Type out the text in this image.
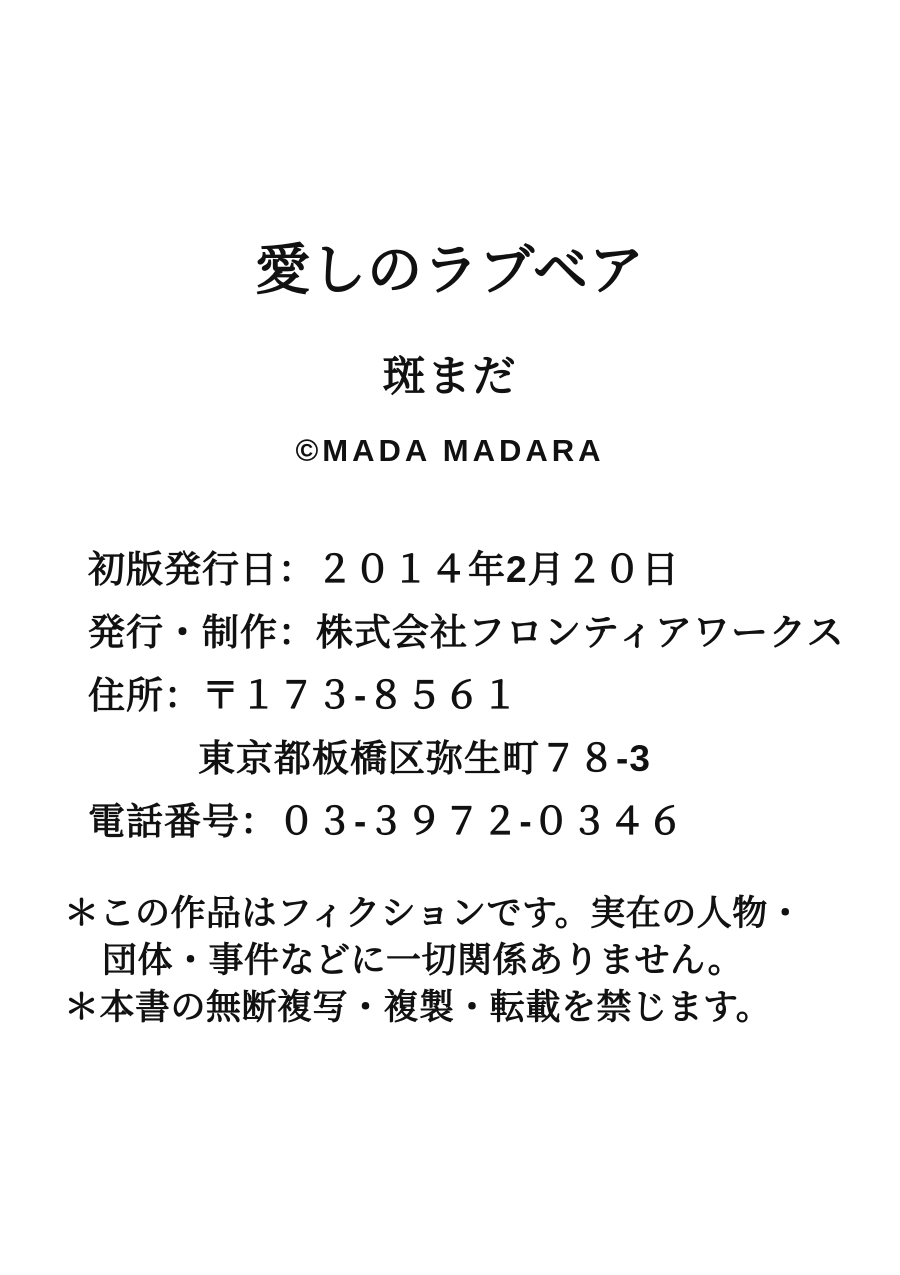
愛しのラブベア
斑まだ
©MADA MADARA
初版発行日：２０１４年2月２０日
発行・制作：株式会社フロンティアワークス
住所：〒１７３-８５６１
東京都板橋区弥生町７８-3
電話番号：０３-３９７２-０３４６
＊この作品はフィクションです。実在の人物・
団体・事件などに一切関係ありません。
＊本書の無断複写・複製・転載を禁じます。
